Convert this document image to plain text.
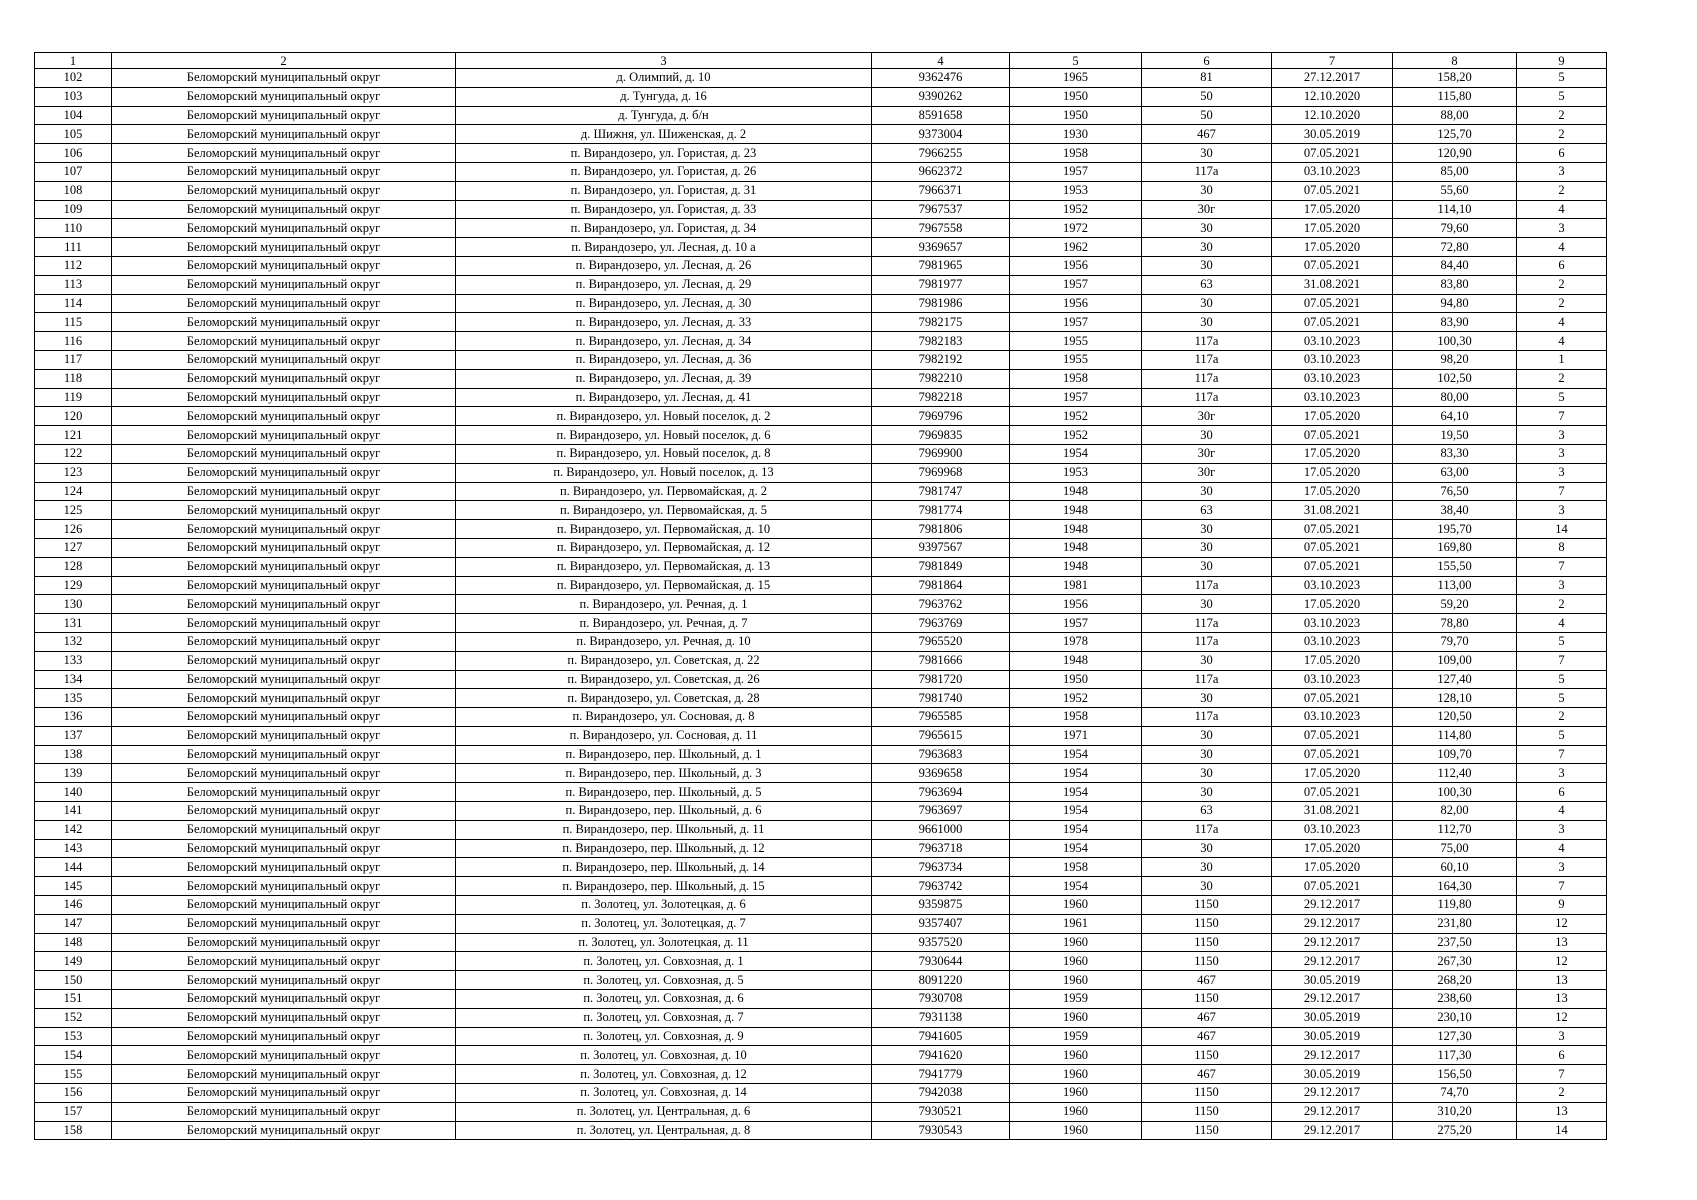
1	2	3	4	5	6	7	8	9
102	Беломорский муниципальный округ	д. Олимпий, д. 10	9362476	1965	81	27.12.2017	158,20	5
103	Беломорский муниципальный округ	д. Тунгуда, д. 16	9390262	1950	50	12.10.2020	115,80	5
104	Беломорский муниципальный округ	д. Тунгуда, д. б/н	8591658	1950	50	12.10.2020	88,00	2
105	Беломорский муниципальный округ	д. Шижня, ул. Шиженская, д. 2	9373004	1930	467	30.05.2019	125,70	2
106	Беломорский муниципальный округ	п. Вирандозеро, ул. Гористая, д. 23	7966255	1958	30	07.05.2021	120,90	6
107	Беломорский муниципальный округ	п. Вирандозеро, ул. Гористая, д. 26	9662372	1957	117а	03.10.2023	85,00	3
108	Беломорский муниципальный округ	п. Вирандозеро, ул. Гористая, д. 31	7966371	1953	30	07.05.2021	55,60	2
109	Беломорский муниципальный округ	п. Вирандозеро, ул. Гористая, д. 33	7967537	1952	30г	17.05.2020	114,10	4
110	Беломорский муниципальный округ	п. Вирандозеро, ул. Гористая, д. 34	7967558	1972	30	17.05.2020	79,60	3
111	Беломорский муниципальный округ	п. Вирандозеро, ул. Лесная, д. 10 а	9369657	1962	30	17.05.2020	72,80	4
112	Беломорский муниципальный округ	п. Вирандозеро, ул. Лесная, д. 26	7981965	1956	30	07.05.2021	84,40	6
113	Беломорский муниципальный округ	п. Вирандозеро, ул. Лесная, д. 29	7981977	1957	63	31.08.2021	83,80	2
114	Беломорский муниципальный округ	п. Вирандозеро, ул. Лесная, д. 30	7981986	1956	30	07.05.2021	94,80	2
115	Беломорский муниципальный округ	п. Вирандозеро, ул. Лесная, д. 33	7982175	1957	30	07.05.2021	83,90	4
116	Беломорский муниципальный округ	п. Вирандозеро, ул. Лесная, д. 34	7982183	1955	117а	03.10.2023	100,30	4
117	Беломорский муниципальный округ	п. Вирандозеро, ул. Лесная, д. 36	7982192	1955	117а	03.10.2023	98,20	1
118	Беломорский муниципальный округ	п. Вирандозеро, ул. Лесная, д. 39	7982210	1958	117а	03.10.2023	102,50	2
119	Беломорский муниципальный округ	п. Вирандозеро, ул. Лесная, д. 41	7982218	1957	117а	03.10.2023	80,00	5
120	Беломорский муниципальный округ	п. Вирандозеро, ул. Новый поселок, д. 2	7969796	1952	30г	17.05.2020	64,10	7
121	Беломорский муниципальный округ	п. Вирандозеро, ул. Новый поселок, д. 6	7969835	1952	30	07.05.2021	19,50	3
122	Беломорский муниципальный округ	п. Вирандозеро, ул. Новый поселок, д. 8	7969900	1954	30г	17.05.2020	83,30	3
123	Беломорский муниципальный округ	п. Вирандозеро, ул. Новый поселок, д. 13	7969968	1953	30г	17.05.2020	63,00	3
124	Беломорский муниципальный округ	п. Вирандозеро, ул. Первомайская, д. 2	7981747	1948	30	17.05.2020	76,50	7
125	Беломорский муниципальный округ	п. Вирандозеро, ул. Первомайская, д. 5	7981774	1948	63	31.08.2021	38,40	3
126	Беломорский муниципальный округ	п. Вирандозеро, ул. Первомайская, д. 10	7981806	1948	30	07.05.2021	195,70	14
127	Беломорский муниципальный округ	п. Вирандозеро, ул. Первомайская, д. 12	9397567	1948	30	07.05.2021	169,80	8
128	Беломорский муниципальный округ	п. Вирандозеро, ул. Первомайская, д. 13	7981849	1948	30	07.05.2021	155,50	7
129	Беломорский муниципальный округ	п. Вирандозеро, ул. Первомайская, д. 15	7981864	1981	117а	03.10.2023	113,00	3
130	Беломорский муниципальный округ	п. Вирандозеро, ул. Речная, д. 1	7963762	1956	30	17.05.2020	59,20	2
131	Беломорский муниципальный округ	п. Вирандозеро, ул. Речная, д. 7	7963769	1957	117а	03.10.2023	78,80	4
132	Беломорский муниципальный округ	п. Вирандозеро, ул. Речная, д. 10	7965520	1978	117а	03.10.2023	79,70	5
133	Беломорский муниципальный округ	п. Вирандозеро, ул. Советская, д. 22	7981666	1948	30	17.05.2020	109,00	7
134	Беломорский муниципальный округ	п. Вирандозеро, ул. Советская, д. 26	7981720	1950	117а	03.10.2023	127,40	5
135	Беломорский муниципальный округ	п. Вирандозеро, ул. Советская, д. 28	7981740	1952	30	07.05.2021	128,10	5
136	Беломорский муниципальный округ	п. Вирандозеро, ул. Сосновая, д. 8	7965585	1958	117а	03.10.2023	120,50	2
137	Беломорский муниципальный округ	п. Вирандозеро, ул. Сосновая, д. 11	7965615	1971	30	07.05.2021	114,80	5
138	Беломорский муниципальный округ	п. Вирандозеро, пер. Школьный, д. 1	7963683	1954	30	07.05.2021	109,70	7
139	Беломорский муниципальный округ	п. Вирандозеро, пер. Школьный, д. 3	9369658	1954	30	17.05.2020	112,40	3
140	Беломорский муниципальный округ	п. Вирандозеро, пер. Школьный, д. 5	7963694	1954	30	07.05.2021	100,30	6
141	Беломорский муниципальный округ	п. Вирандозеро, пер. Школьный, д. 6	7963697	1954	63	31.08.2021	82,00	4
142	Беломорский муниципальный округ	п. Вирандозеро, пер. Школьный, д. 11	9661000	1954	117а	03.10.2023	112,70	3
143	Беломорский муниципальный округ	п. Вирандозеро, пер. Школьный, д. 12	7963718	1954	30	17.05.2020	75,00	4
144	Беломорский муниципальный округ	п. Вирандозеро, пер. Школьный, д. 14	7963734	1958	30	17.05.2020	60,10	3
145	Беломорский муниципальный округ	п. Вирандозеро, пер. Школьный, д. 15	7963742	1954	30	07.05.2021	164,30	7
146	Беломорский муниципальный округ	п. Золотец, ул. Золотецкая, д. 6	9359875	1960	1150	29.12.2017	119,80	9
147	Беломорский муниципальный округ	п. Золотец, ул. Золотецкая, д. 7	9357407	1961	1150	29.12.2017	231,80	12
148	Беломорский муниципальный округ	п. Золотец, ул. Золотецкая, д. 11	9357520	1960	1150	29.12.2017	237,50	13
149	Беломорский муниципальный округ	п. Золотец, ул. Совхозная, д. 1	7930644	1960	1150	29.12.2017	267,30	12
150	Беломорский муниципальный округ	п. Золотец, ул. Совхозная, д. 5	8091220	1960	467	30.05.2019	268,20	13
151	Беломорский муниципальный округ	п. Золотец, ул. Совхозная, д. 6	7930708	1959	1150	29.12.2017	238,60	13
152	Беломорский муниципальный округ	п. Золотец, ул. Совхозная, д. 7	7931138	1960	467	30.05.2019	230,10	12
153	Беломорский муниципальный округ	п. Золотец, ул. Совхозная, д. 9	7941605	1959	467	30.05.2019	127,30	3
154	Беломорский муниципальный округ	п. Золотец, ул. Совхозная, д. 10	7941620	1960	1150	29.12.2017	117,30	6
155	Беломорский муниципальный округ	п. Золотец, ул. Совхозная, д. 12	7941779	1960	467	30.05.2019	156,50	7
156	Беломорский муниципальный округ	п. Золотец, ул. Совхозная, д. 14	7942038	1960	1150	29.12.2017	74,70	2
157	Беломорский муниципальный округ	п. Золотец, ул. Центральная, д. 6	7930521	1960	1150	29.12.2017	310,20	13
158	Беломорский муниципальный округ	п. Золотец, ул. Центральная, д. 8	7930543	1960	1150	29.12.2017	275,20	14
